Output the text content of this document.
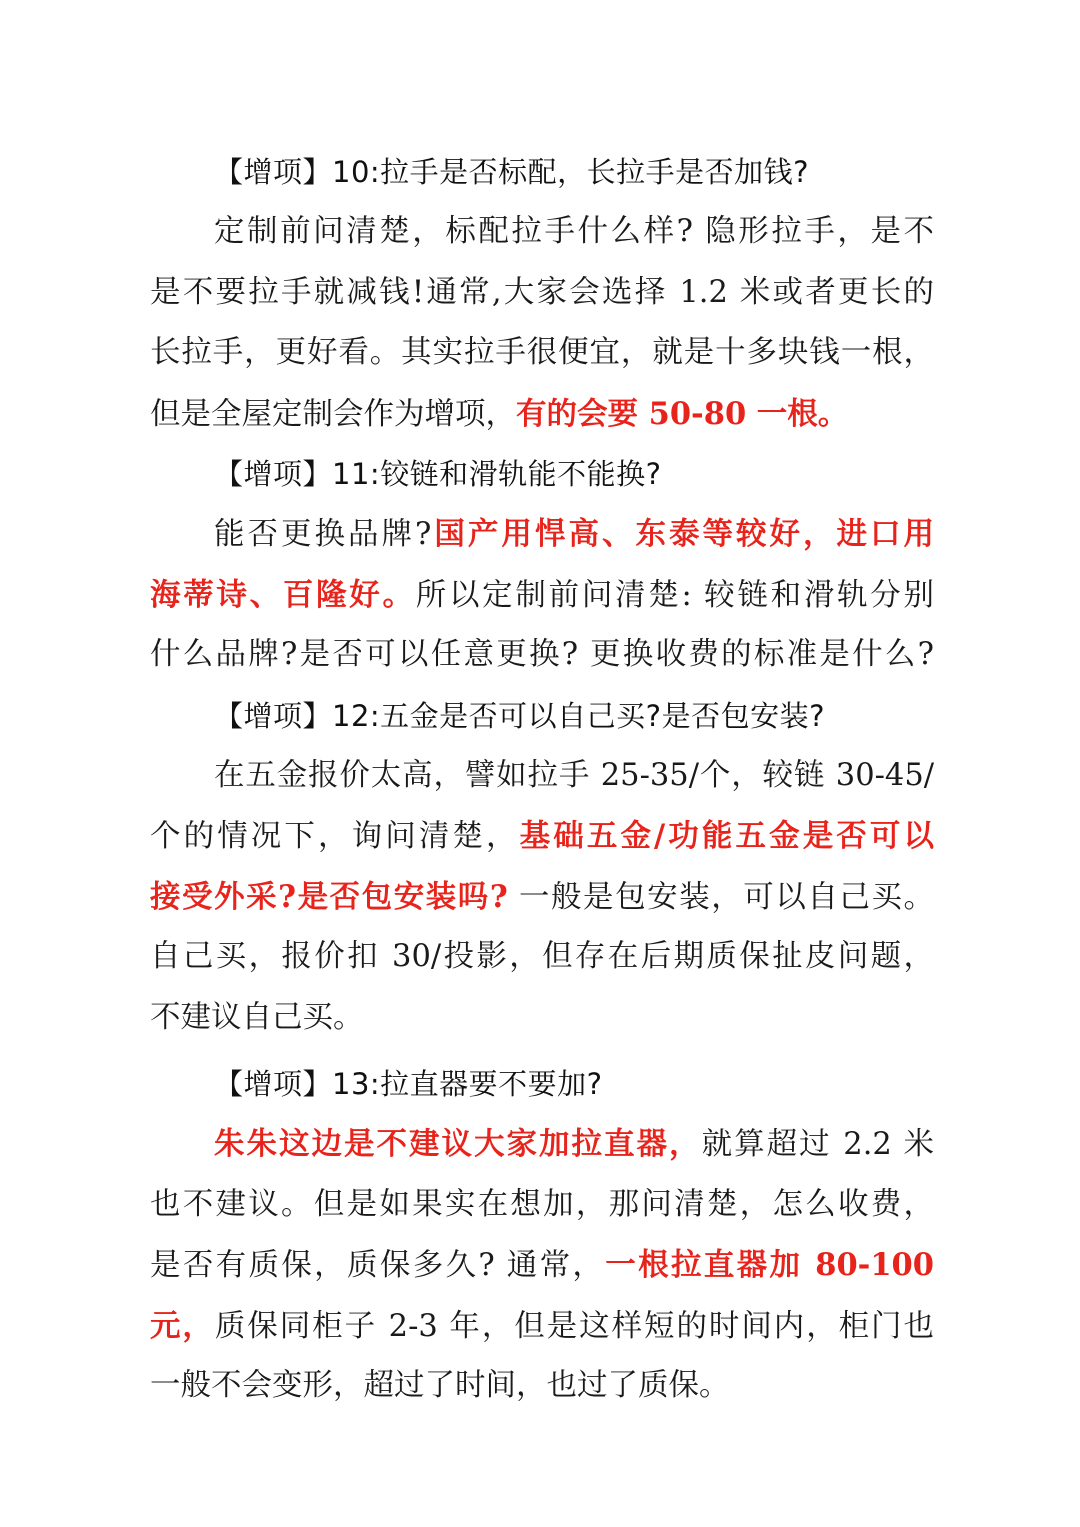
【增项】10:拉手是否标配，长拉手是否加钱?

定制前问清楚，标配拉手什么样? 隐形拉手，是不

是不要拉手就减钱!通常,大家会选择 1.2 米或者更长的

长拉手，更好看。其实拉手很便宜，就是十多块钱一根，

但是全屋定制会作为增项，有的会要 50-80 一根。

【增项】11:铰链和滑轨能不能换?

能否更换品牌?国产用悍高、东泰等较好，进口用

海蒂诗、百隆好。所以定制前问清楚: 较链和滑轨分别

什么品牌?是否可以任意更换? 更换收费的标准是什么?

【增项】12:五金是否可以自己买?是否包安装?

在五金报价太高，譬如拉手 25-35/个，较链 30-45/

个的情况下，询问清楚，基础五金/功能五金是否可以

接受外采?是否包安装吗? 一般是包安装，可以自己买。

自己买，报价扣 30/投影，但存在后期质保扯皮问题，

不建议自己买。

【增项】13:拉直器要不要加?

朱朱这边是不建议大家加拉直器，就算超过 2.2 米

也不建议。但是如果实在想加，那问清楚，怎么收费，

是否有质保，质保多久? 通常，一根拉直器加 80-100

元，质保同柜子 2-3 年，但是这样短的时间内，柜门也

一般不会变形，超过了时间，也过了质保。
